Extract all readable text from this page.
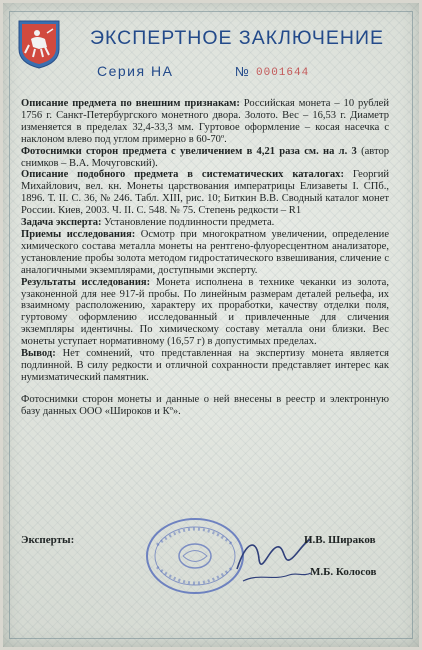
ЭКСПЕРТНОЕ ЗАКЛЮЧЕНИЕ
Серия НА	№ 0001644

Описание предмета по внешним признакам: Российская монета – 10 рублей 1756 г. Санкт-Петербургского монетного двора. Золото. Вес – 16,53 г. Диаметр изменяется в пределах 32,4-33,3 мм. Гуртовое оформление – косая насечка с наклоном влево под углом примерно в 60-70º.

Фотоснимки сторон предмета с увеличением в 4,21 раза см. на л. 3 (автор снимков – В.А. Мочуговский).

Описание подобного предмета в систематических каталогах: Георгий Михайлович, вел. кн. Монеты царствования императрицы Елизаветы I. СПб., 1896. Т. II. С. 36, № 246. Табл. XIII, рис. 10; Биткин В.В. Сводный каталог монет России. Киев, 2003. Ч. II. С. 548. № 75. Степень редкости – R1

Задача эксперта: Установление подлинности предмета.

Приемы исследования: Осмотр при многократном увеличении, определение химического состава металла монеты на рентгено-флуоресцентном анализаторе, установление пробы золота методом гидростатического взвешивания, сличение с аналогичными экземплярами, доступными эксперту.

Результаты исследования: Монета исполнена в технике чеканки из золота, узаконенной для нее 917-й пробы. По линейным размерам деталей рельефа, их взаимному расположению, характеру их проработки, качеству отделки поля, гуртовому оформлению исследованный и привлеченные для сличения экземпляры идентичны. По химическому составу металла они близки. Вес монеты уступает нормативному (16,57 г) в допустимых пределах.

Вывод: Нет сомнений, что представленная на экспертизу монета является подлинной. В силу редкости и отличной сохранности представляет интерес как нумизматический памятник.

Фотоснимки сторон монеты и данные о ней внесены в реестр и электронную базу данных ООО «Широков и Кº».

Эксперты:	И.В. Шираков
М.Б. Колосов
